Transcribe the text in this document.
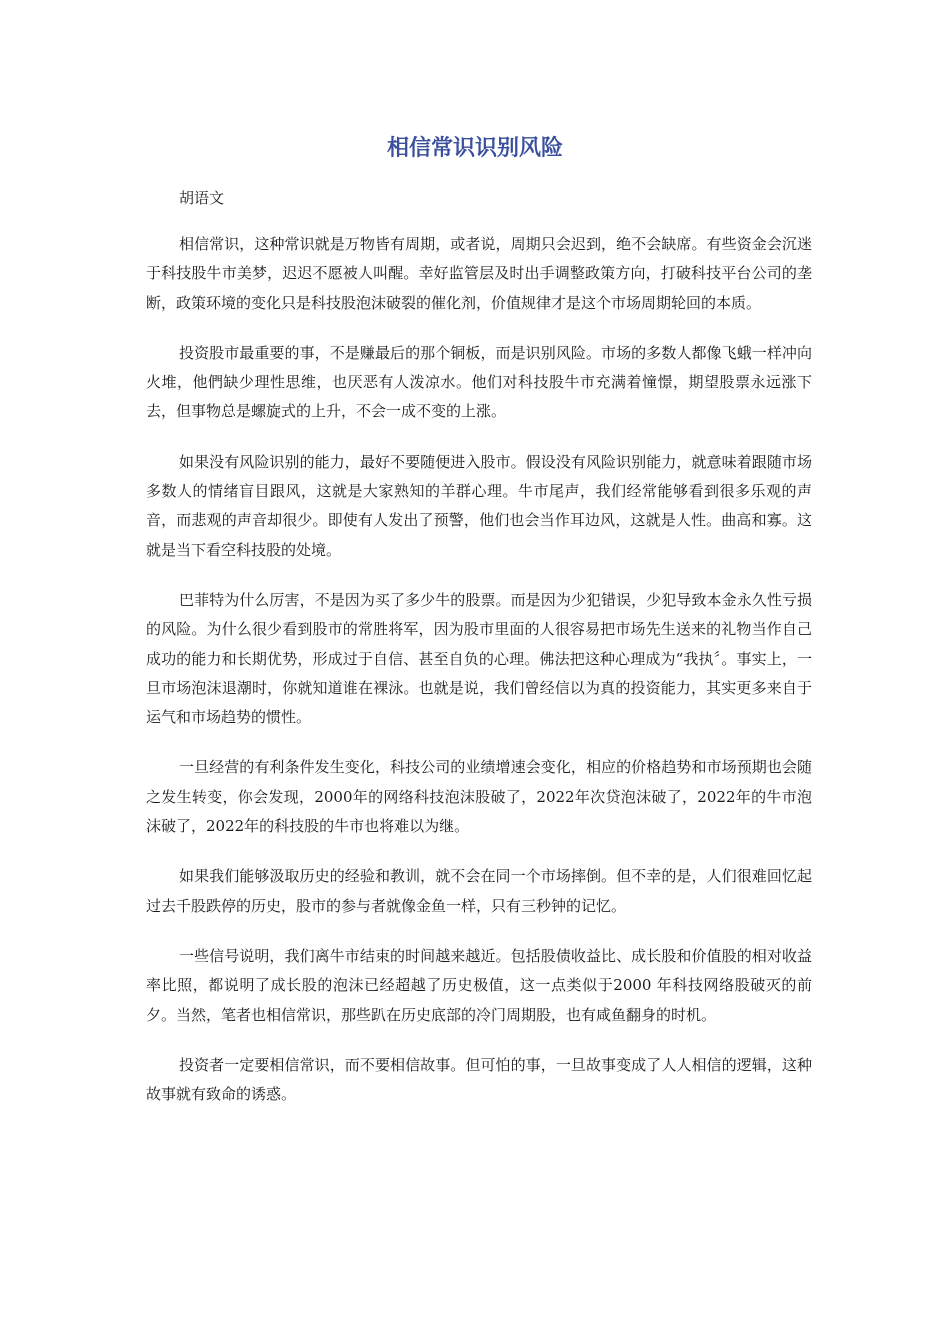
相信常识识别风险

胡语文

相信常识，这种常识就是万物皆有周期，或者说，周期只会迟到，绝不会缺席。有些资金会沉迷于科技股牛市美梦，迟迟不愿被人叫醒。幸好监管层及时出手调整政策方向，打破科技平台公司的垄断，政策环境的变化只是科技股泡沫破裂的催化剂，价值规律才是这个市场周期轮回的本质。

投资股市最重要的事，不是赚最后的那个铜板，而是识别风险。市场的多数人都像飞蛾一样冲向火堆，他們缺少理性思维，也厌恶有人泼凉水。他们对科技股牛市充满着憧憬，期望股票永远涨下去，但事物总是螺旋式的上升，不会一成不变的上涨。

如果没有风险识别的能力，最好不要随便进入股市。假设没有风险识别能力，就意味着跟随市场多数人的情绪盲目跟风，这就是大家熟知的羊群心理。牛市尾声，我们经常能够看到很多乐观的声音，而悲观的声音却很少。即使有人发出了预警，他们也会当作耳边风，这就是人性。曲高和寡。这就是当下看空科技股的处境。

巴菲特为什么厉害，不是因为买了多少牛的股票。而是因为少犯错误，少犯导致本金永久性亏损的风险。为什么很少看到股市的常胜将军，因为股市里面的人很容易把市场先生送来的礼物当作自己成功的能力和长期优势，形成过于自信、甚至自负的心理。佛法把这种心理成为“我执〞。事实上，一旦市场泡沫退潮时，你就知道谁在裸泳。也就是说，我们曾经信以为真的投资能力，其实更多来自于运气和市场趋势的惯性。

一旦经营的有利条件发生变化，科技公司的业绩增速会变化，相应的价格趋势和市场预期也会随之发生转变，你会发现，2000年的网络科技泡沫股破了，2022年次贷泡沫破了，2022年的牛市泡沫破了，2022年的科技股的牛市也将难以为继。

如果我们能够汲取历史的经验和教训，就不会在同一个市场摔倒。但不幸的是，人们很难回忆起过去千股跌停的历史，股市的参与者就像金鱼一样，只有三秒钟的记忆。

一些信号说明，我们离牛市结束的时间越来越近。包括股债收益比、成长股和价值股的相对收益率比照，都说明了成长股的泡沫已经超越了历史极值，这一点类似于2000 年科技网络股破灭的前夕。当然，笔者也相信常识，那些趴在历史底部的冷门周期股，也有咸鱼翻身的时机。

投资者一定要相信常识，而不要相信故事。但可怕的事，一旦故事变成了人人相信的逻辑，这种故事就有致命的诱惑。
